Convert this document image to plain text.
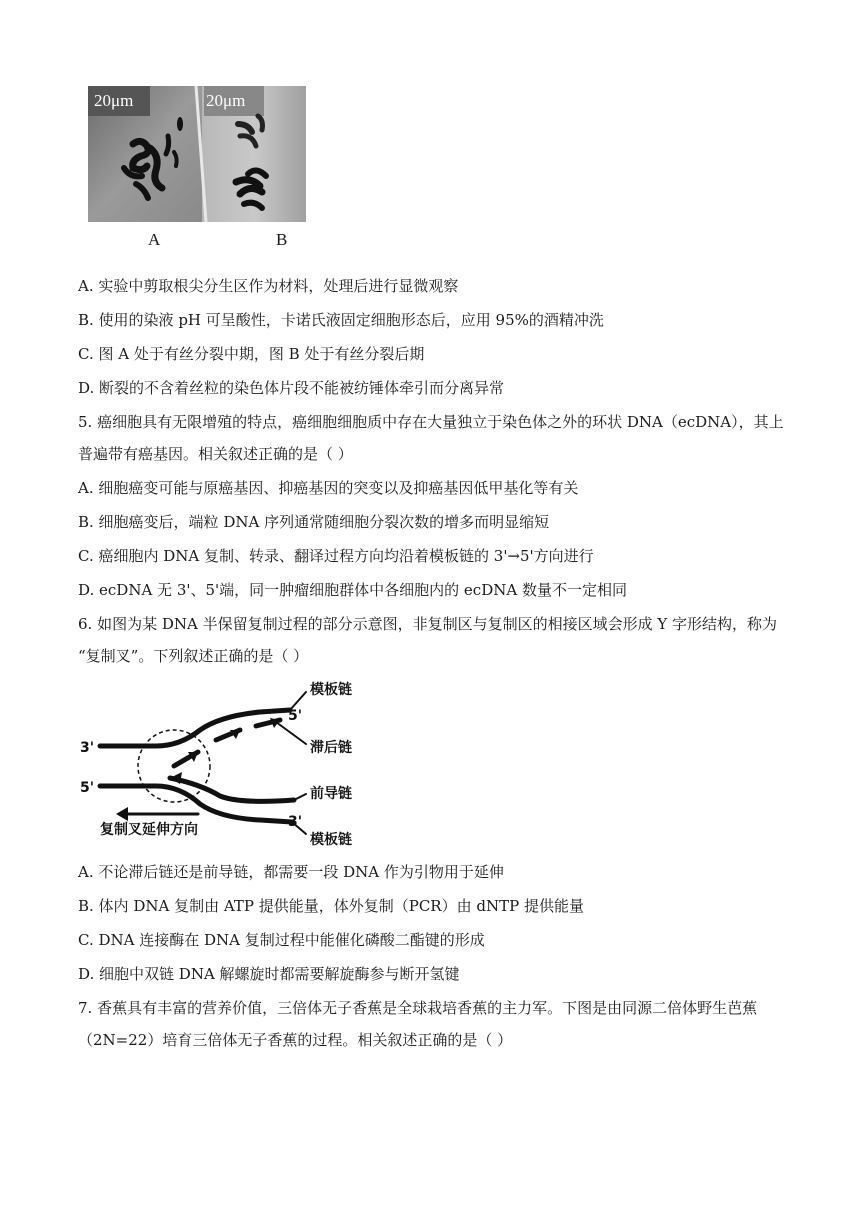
20μm	20μm
A	B
A. 实验中剪取根尖分生区作为材料，处理后进行显微观察
B. 使用的染液 pH 可呈酸性，卡诺氏液固定细胞形态后，应用 95%的酒精冲洗
C. 图 A 处于有丝分裂中期，图 B 处于有丝分裂后期
D. 断裂的不含着丝粒的染色体片段不能被纺锤体牵引而分离异常
5. 癌细胞具有无限增殖的特点，癌细胞细胞质中存在大量独立于染色体之外的环状 DNA（ecDNA），其上
普遍带有癌基因。相关叙述正确的是（ ）
A. 细胞癌变可能与原癌基因、抑癌基因的突变以及抑癌基因低甲基化等有关
B. 细胞癌变后，端粒 DNA 序列通常随细胞分裂次数的增多而明显缩短
C. 癌细胞内 DNA 复制、转录、翻译过程方向均沿着模板链的 3'→5'方向进行
D. ecDNA 无 3'、5'端，同一肿瘤细胞群体中各细胞内的 ecDNA 数量不一定相同
6. 如图为某 DNA 半保留复制过程的部分示意图，非复制区与复制区的相接区域会形成 Y 字形结构，称为
“复制叉”。下列叙述正确的是（ ）
模板链
5'
滞后链
3'
5'	前导链
3'
模板链
复制叉延伸方向
A. 不论滞后链还是前导链，都需要一段 DNA 作为引物用于延伸
B. 体内 DNA 复制由 ATP 提供能量，体外复制（PCR）由 dNTP 提供能量
C. DNA 连接酶在 DNA 复制过程中能催化磷酸二酯键的形成
D. 细胞中双链 DNA 解螺旋时都需要解旋酶参与断开氢键
7. 香蕉具有丰富的营养价值，三倍体无子香蕉是全球栽培香蕉的主力军。下图是由同源二倍体野生芭蕉
（2N=22）培育三倍体无子香蕉的过程。相关叙述正确的是（ ）
